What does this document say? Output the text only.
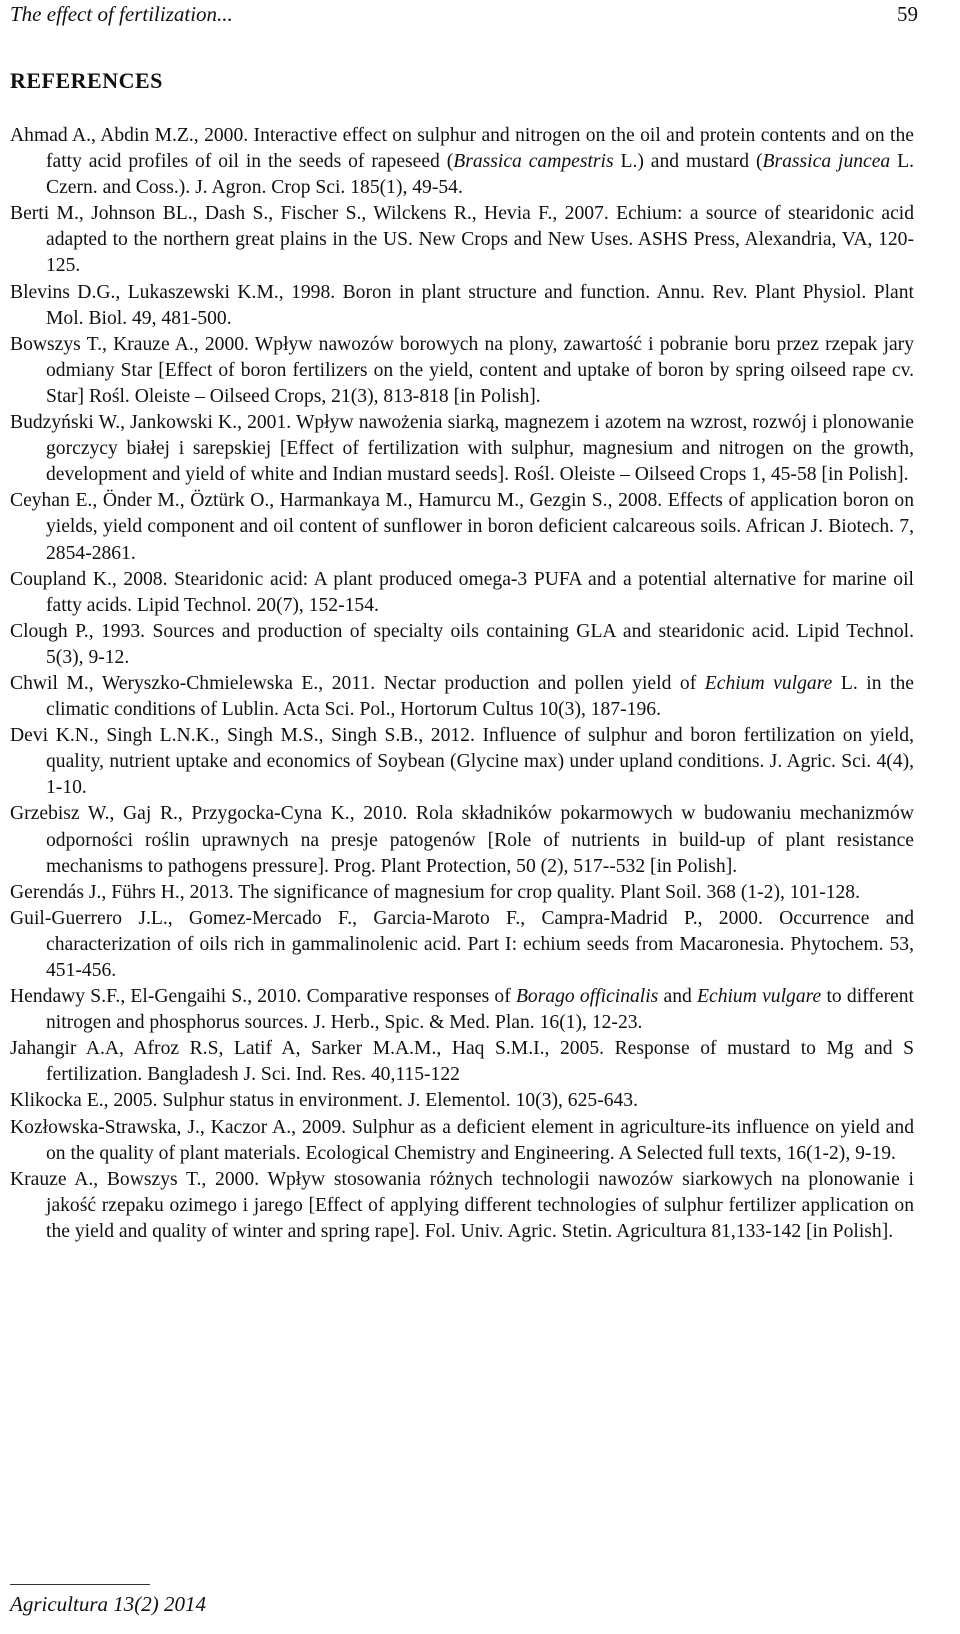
The effect of fertilization...	59
REFERENCES

Ahmad A., Abdin M.Z., 2000. Interactive effect on sulphur and nitrogen on the oil and protein contents and on the fatty acid profiles of oil in the seeds of rapeseed (Brassica campestris L.) and mustard (Brassica juncea L. Czern. and Coss.). J. Agron. Crop Sci. 185(1), 49-54.

Berti M., Johnson BL., Dash S., Fischer S., Wilckens R., Hevia F., 2007. Echium: a source of stearidonic acid adapted to the northern great plains in the US. New Crops and New Uses. ASHS Press, Alexandria, VA, 120-125.

Blevins D.G., Lukaszewski K.M., 1998. Boron in plant structure and function. Annu. Rev. Plant Physiol. Plant Mol. Biol. 49, 481-500.

Bowszys T., Krauze A., 2000. Wpływ nawozów borowych na plony, zawartość i pobranie boru przez rzepak jary odmiany Star [Effect of boron fertilizers on the yield, content and uptake of boron by spring oilseed rape cv. Star] Rośl. Oleiste – Oilseed Crops, 21(3), 813-818 [in Polish].

Budzyński W., Jankowski K., 2001. Wpływ nawożenia siarką, magnezem i azotem na wzrost, rozwój i plonowanie gorczycy białej i sarepskiej [Effect of fertilization with sulphur, magnesium and nitrogen on the growth, development and yield of white and Indian mustard seeds]. Rośl. Oleiste – Oilseed Crops 1, 45-58 [in Polish].

Ceyhan E., Önder M., Öztürk O., Harmankaya M., Hamurcu M., Gezgin S., 2008. Effects of application boron on yields, yield component and oil content of sunflower in boron deficient calcareous soils. African J. Biotech. 7, 2854-2861.

Coupland K., 2008. Stearidonic acid: A plant produced omega-3 PUFA and a potential alternative for marine oil fatty acids. Lipid Technol. 20(7), 152-154.

Clough P., 1993. Sources and production of specialty oils containing GLA and stearidonic acid. Lipid Technol. 5(3), 9-12.

Chwil M., Weryszko-Chmielewska E., 2011. Nectar production and pollen yield of Echium vulgare L. in the climatic conditions of Lublin. Acta Sci. Pol., Hortorum Cultus 10(3), 187-196.

Devi K.N., Singh L.N.K., Singh M.S., Singh S.B., 2012. Influence of sulphur and boron fertilization on yield, quality, nutrient uptake and economics of Soybean (Glycine max) under upland conditions. J. Agric. Sci. 4(4), 1-10.

Grzebisz W., Gaj R., Przygocka-Cyna K., 2010. Rola składników pokarmowych w budowaniu mechanizmów odporności roślin uprawnych na presje patogenów [Role of nutrients in build-up of plant resistance mechanisms to pathogens pressure]. Prog. Plant Protection, 50 (2), 517--532 [in Polish].

Gerendás J., Führs H., 2013. The significance of magnesium for crop quality. Plant Soil. 368 (1-2), 101-128.

Guil-Guerrero J.L., Gomez-Mercado F., Garcia-Maroto F., Campra-Madrid P., 2000. Occurrence and characterization of oils rich in gammalinolenic acid. Part I: echium seeds from Macaronesia. Phytochem. 53, 451-456.

Hendawy S.F., El-Gengaihi S., 2010. Comparative responses of Borago officinalis and Echium vulgare to different nitrogen and phosphorus sources. J. Herb., Spic. & Med. Plan. 16(1), 12-23.

Jahangir A.A, Afroz R.S, Latif A, Sarker M.A.M., Haq S.M.I., 2005. Response of mustard to Mg and S fertilization. Bangladesh J. Sci. Ind. Res. 40,115-122

Klikocka E., 2005. Sulphur status in environment. J. Elementol. 10(3), 625-643.

Kozłowska-Strawska, J., Kaczor A., 2009. Sulphur as a deficient element in agriculture-its influence on yield and on the quality of plant materials. Ecological Chemistry and Engineering. A Selected full texts, 16(1-2), 9-19.

Krauze A., Bowszys T., 2000. Wpływ stosowania różnych technologii nawozów siarkowych na plonowanie i jakość rzepaku ozimego i jarego [Effect of applying different technologies of sulphur fertilizer application on the yield and quality of winter and spring rape]. Fol. Univ. Agric. Stetin. Agricultura 81,133-142 [in Polish].

Agricultura 13(2) 2014
